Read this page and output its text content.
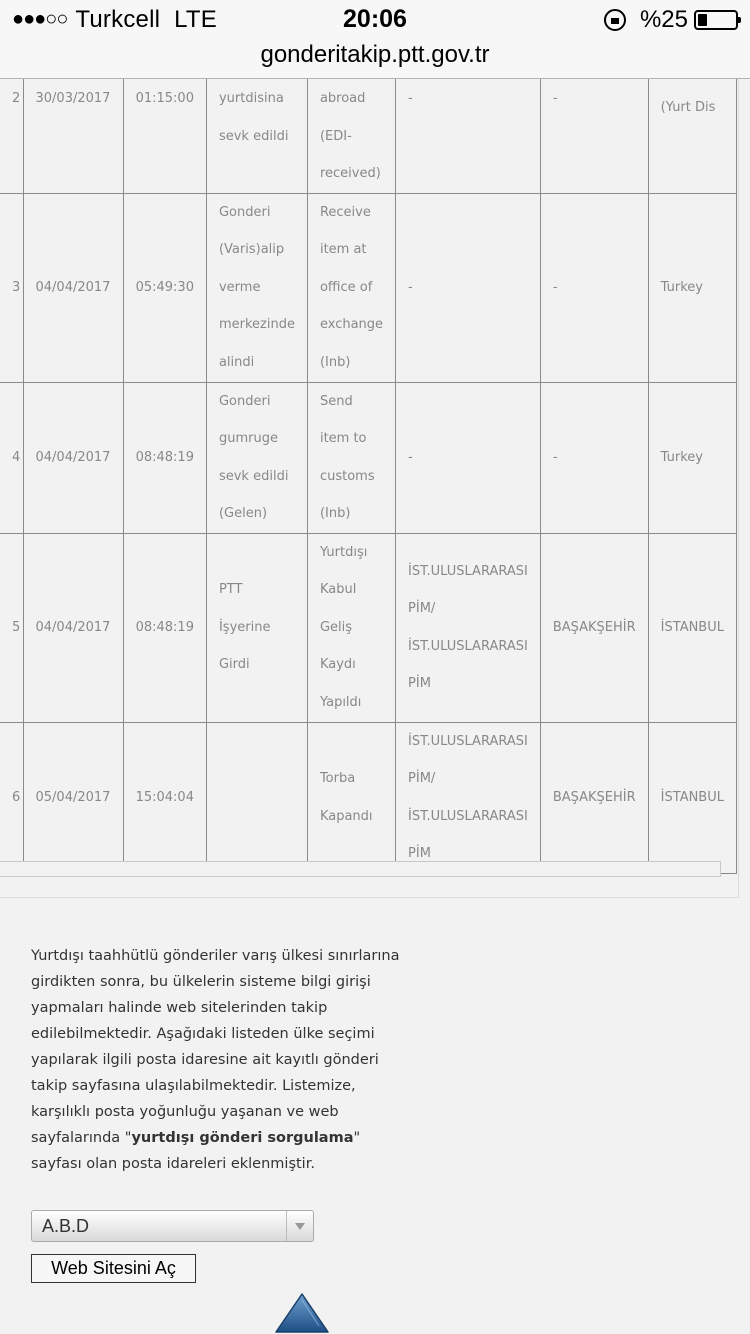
●●●○○ Turkcell LTE	20:06	%25
gonderitakip.ptt.gov.tr
2	30/03/2017	01:15:00	yurtdisina sevk edildi	abroad (EDI-received)	-	-	(Yurt Dis
3	04/04/2017	05:49:30	Gonderi (Varis)alip verme merkezinde alindi	Receive item at office of exchange (Inb)	-	-	Turkey
4	04/04/2017	08:48:19	Gonderi gumruge sevk edildi (Gelen)	Send item to customs (Inb)	-	-	Turkey
5	04/04/2017	08:48:19	PTT İşyerine Girdi	Yurtdışı Kabul Geliş Kaydı Yapıldı	İST.ULUSLARARASI PİM/ İST.ULUSLARARASI PİM	BAŞAKŞEHİR	İSTANBUL
6	05/04/2017	15:04:04		Torba Kapandı	İST.ULUSLARARASI PİM/ İST.ULUSLARARASI PİM	BAŞAKŞEHİR	İSTANBUL
Yurtdışı taahhütlü gönderiler varış ülkesi sınırlarına girdikten sonra, bu ülkelerin sisteme bilgi girişi yapmaları halinde web sitelerinden takip edilebilmektedir. Aşağıdaki listeden ülke seçimi yapılarak ilgili posta idaresine ait kayıtlı gönderi takip sayfasına ulaşılabilmektedir. Listemize, karşılıklı posta yoğunluğu yaşanan ve web sayfalarında "yurtdışı gönderi sorgulama" sayfası olan posta idareleri eklenmiştir.
A.B.D
Web Sitesini Aç
